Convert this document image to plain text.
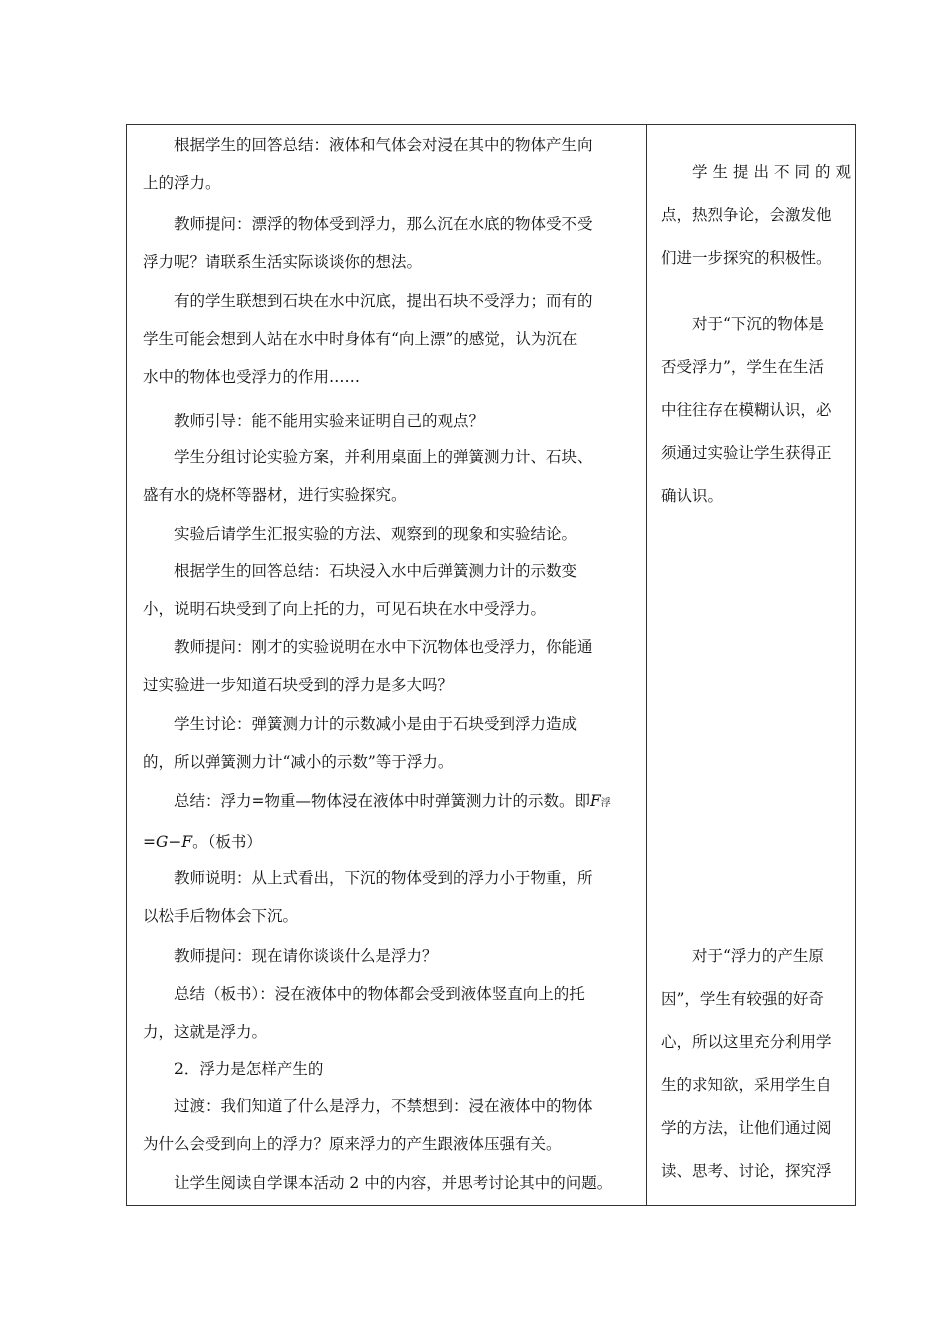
根据学生的回答总结：液体和气体会对浸在其中的物体产生向
上的浮力。
教师提问：漂浮的物体受到浮力，那么沉在水底的物体受不受
浮力呢？请联系生活实际谈谈你的想法。
有的学生联想到石块在水中沉底，提出石块不受浮力；而有的
学生可能会想到人站在水中时身体有“向上漂”的感觉，认为沉在
水中的物体也受浮力的作用……
教师引导：能不能用实验来证明自己的观点？
学生分组讨论实验方案，并利用桌面上的弹簧测力计、石块、
盛有水的烧杯等器材，进行实验探究。
实验后请学生汇报实验的方法、观察到的现象和实验结论。
根据学生的回答总结：石块浸入水中后弹簧测力计的示数变
小，说明石块受到了向上托的力，可见石块在水中受浮力。
教师提问：刚才的实验说明在水中下沉物体也受浮力，你能通
过实验进一步知道石块受到的浮力是多大吗？
学生讨论：弹簧测力计的示数减小是由于石块受到浮力造成
的，所以弹簧测力计“减小的示数”等于浮力。
总结：浮力=物重—物体浸在液体中时弹簧测力计的示数。即F浮
=G−F。（板书）
教师说明：从上式看出，下沉的物体受到的浮力小于物重，所
以松手后物体会下沉。
教师提问：现在请你谈谈什么是浮力？
总结（板书）：浸在液体中的物体都会受到液体竖直向上的托
力，这就是浮力。
2．浮力是怎样产生的
过渡：我们知道了什么是浮力，不禁想到：浸在液体中的物体
为什么会受到向上的浮力？原来浮力的产生跟液体压强有关。
让学生阅读自学课本活动 2 中的内容，并思考讨论其中的问题。
学生提出不同的观
点，热烈争论，会激发他
们进一步探究的积极性。
对于“下沉的物体是
否受浮力”，学生在生活
中往往存在模糊认识，必
须通过实验让学生获得正
确认识。
对于“浮力的产生原
因”，学生有较强的好奇
心，所以这里充分利用学
生的求知欲，采用学生自
学的方法，让他们通过阅
读、思考、讨论，探究浮
